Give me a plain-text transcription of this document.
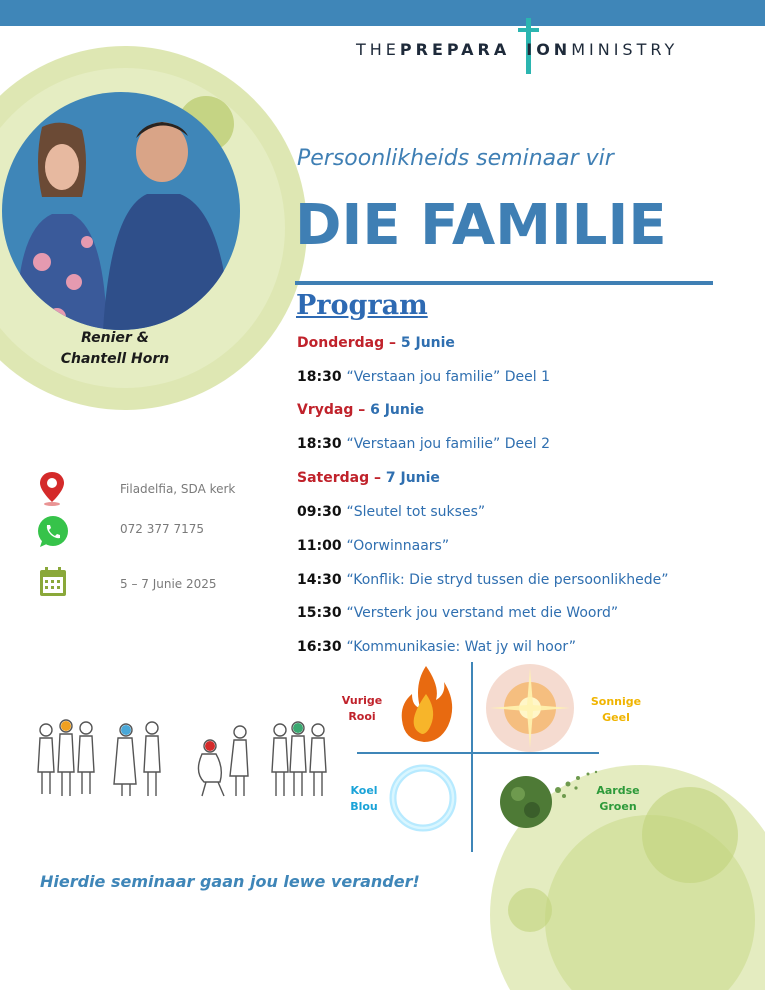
THEPREPARA IONMINISTRY
Renier &
Chantell Horn
Persoonlikheids seminaar vir
DIE FAMILIE
Program
Donderdag – 5 Junie
18:30 “Verstaan jou familie” Deel 1
Vrydag – 6 Junie
18:30 “Verstaan jou familie” Deel 2
Saterdag – 7 Junie
09:30 “Sleutel tot sukses”
11:00 “Oorwinnaars”
14:30 “Konflik: Die stryd tussen die persoonlikhede”
15:30 “Versterk jou verstand met die Woord”
16:30 “Kommunikasie: Wat jy wil hoor”
Filadelfia, SDA kerk
072 377 7175
5 – 7 Junie 2025
Vurige
Rooi
Sonnige
Geel
Koel
Blou
Aardse
Groen
Hierdie seminaar gaan jou lewe verander!
